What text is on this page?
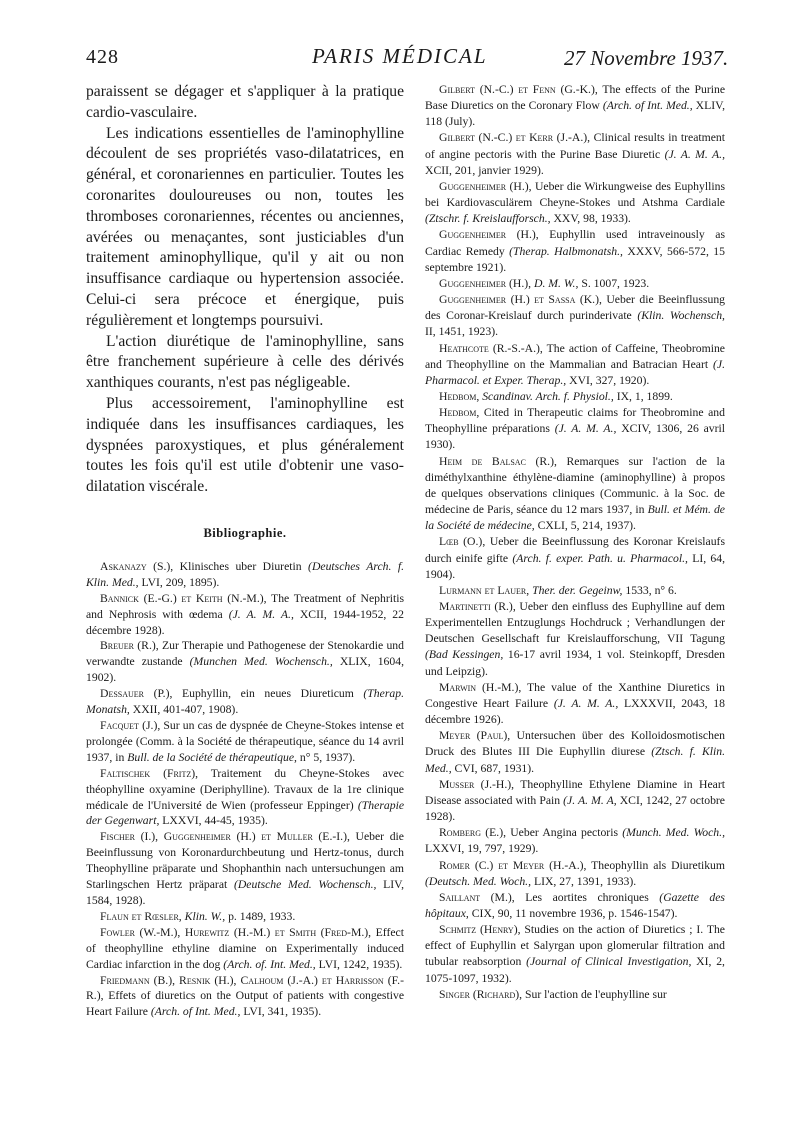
428	PARIS MÉDICAL	27 Novembre 1937.

paraissent se dégager et s'appliquer à la pratique cardio-vasculaire.

Les indications essentielles de l'aminophylline découlent de ses propriétés vaso-dilatatrices, en général, et coronariennes en particulier. Toutes les coronarites douloureuses ou non, toutes les thromboses coronariennes, récentes ou anciennes, avérées ou menaçantes, sont justiciables d'un traitement aminophyllique, qu'il y ait ou non insuffisance cardiaque ou hypertension associée. Celui-ci sera précoce et énergique, puis régulièrement et longtemps poursuivi.

L'action diurétique de l'aminophylline, sans être franchement supérieure à celle des dérivés xanthiques courants, n'est pas négligeable.

Plus accessoirement, l'aminophylline est indiquée dans les insuffisances cardiaques, les dyspnées paroxystiques, et plus généralement toutes les fois qu'il est utile d'obtenir une vaso-dilatation viscérale.

Bibliographie.

Askanazy (S.), Klinisches uber Diuretin (Deutsches Arch. f. Klin. Med., LVI, 209, 1895).

Bannick (E.-G.) et Keith (N.-M.), The Treatment of Nephritis and Nephrosis with œdema (J. A. M. A., XCII, 1944-1952, 22 décembre 1928).

Breuer (R.), Zur Therapie und Pathogenese der Stenokardie und verwandte zustande (Munchen Med. Wochensch., XLIX, 1604, 1902).

Dessauer (P.), Euphyllin, ein neues Diureticum (Therap. Monatsh, XXII, 401-407, 1908).

Facquet (J.), Sur un cas de dyspnée de Cheyne-Stokes intense et prolongée (Comm. à la Société de thérapeutique, séance du 14 avril 1937, in Bull. de la Société de thérapeutique, n° 5, 1937).

Faltischek (Fritz), Traitement du Cheyne-Stokes avec théophylline oxyamine (Deriphylline). Travaux de la 1re clinique médicale de l'Université de Wien (professeur Eppinger) (Therapie der Gegenwart, LXXVI, 44-45, 1935).

Fischer (I.), Guggenheimer (H.) et Muller (E.-I.), Ueber die Beeinflussung von Koronardurchbeutung und Hertz-tonus, durch Theophylline präparate und Shophanthin nach untersuchungen am Starlingschen Hertz präparat (Deutsche Med. Wochensch., LIV, 1584, 1928).

Flaun et Rœsler, Klin. W., p. 1489, 1933.

Fowler (W.-M.), Hurewitz (H.-M.) et Smith (Fred-M.), Effect of theophylline ethyline diamine on Experimentally induced Cardiac infarction in the dog (Arch. of. Int. Med., LVI, 1242, 1935).

Friedmann (B.), Resnik (H.), Calhoum (J.-A.) et Harrisson (F.-R.), Effets of diuretics on the Output of patients with congestive Heart Failure (Arch. of Int. Med., LVI, 341, 1935).

Gilbert (N.-C.) et Fenn (G.-K.), The effects of the Purine Base Diuretics on the Coronary Flow (Arch. of Int. Med., XLIV, 118 (July).

Gilbert (N.-C.) et Kerr (J.-A.), Clinical results in treatment of angine pectoris with the Purine Base Diuretic (J. A. M. A., XCII, 201, janvier 1929).

Guggenheimer (H.), Ueber die Wirkungweise des Euphyllins bei Kardiovasculärem Cheyne-Stokes und Atshma Cardiale (Ztschr. f. Kreislaufforsch., XXV, 98, 1933).

Guggenheimer (H.), Euphyllin used intraveinously as Cardiac Remedy (Therap. Halbmonatsh., XXXV, 566-572, 15 septembre 1921).

Guggenheimer (H.), D. M. W., S. 1007, 1923.

Guggenheimer (H.) et Sassa (K.), Ueber die Beeinflussung des Coronar-Kreislauf durch purinderivate (Klin. Wochensch, II, 1451, 1923).

Heathcote (R.-S.-A.), The action of Caffeine, Theobromine and Theophylline on the Mammalian and Batracian Heart (J. Pharmacol. et Exper. Therap., XVI, 327, 1920).

Hedbom, Scandinav. Arch. f. Physiol., IX, 1, 1899.

Hedbom, Cited in Therapeutic claims for Theobromine and Theophylline préparations (J. A. M. A., XCIV, 1306, 26 avril 1930).

Heim de Balsac (R.), Remarques sur l'action de la diméthylxanthine éthylène-diamine (aminophylline) à propos de quelques observations cliniques (Communic. à la Soc. de médecine de Paris, séance du 12 mars 1937, in Bull. et Mém. de la Société de médecine, CXLI, 5, 214, 1937).

Lœb (O.), Ueber die Beeinflussung des Koronar Kreislaufs durch einife gifte (Arch. f. exper. Path. u. Pharmacol., LI, 64, 1904).

Lurmann et Lauer, Ther. der. Gegeinw, 1533, n° 6.

Martinetti (R.), Ueber den einfluss des Euphylline auf dem Experimentellen Entzuglungs Hochdruck ; Verhandlungen der Deutschen Gesellschaft fur Kreislaufforschung, VII Tagung (Bad Kessingen, 16-17 avril 1934, 1 vol. Steinkopff, Dresden und Leipzig).

Marwin (H.-M.), The value of the Xanthine Diuretics in Congestive Heart Failure (J. A. M. A., LXXXVII, 2043, 18 décembre 1926).

Meyer (Paul), Untersuchen über des Kolloidosmotischen Druck des Blutes III Die Euphyllin diurese (Ztsch. f. Klin. Med., CVI, 687, 1931).

Musser (J.-H.), Theophylline Ethylene Diamine in Heart Disease associated with Pain (J. A. M. A, XCI, 1242, 27 octobre 1928).

Romberg (E.), Ueber Angina pectoris (Munch. Med. Woch., LXXVI, 19, 797, 1929).

Romer (C.) et Meyer (H.-A.), Theophyllin als Diuretikum (Deutsch. Med. Woch., LIX, 27, 1391, 1933).

Saillant (M.), Les aortites chroniques (Gazette des hôpitaux, CIX, 90, 11 novembre 1936, p. 1546-1547).

Schmitz (Henry), Studies on the action of Diuretics ; I. The effect of Euphyllin et Salyrgan upon glomerular filtration and tubular reabsorption (Journal of Clinical Investigation, XI, 2, 1075-1097, 1932).

Singer (Richard), Sur l'action de l'euphylline sur
